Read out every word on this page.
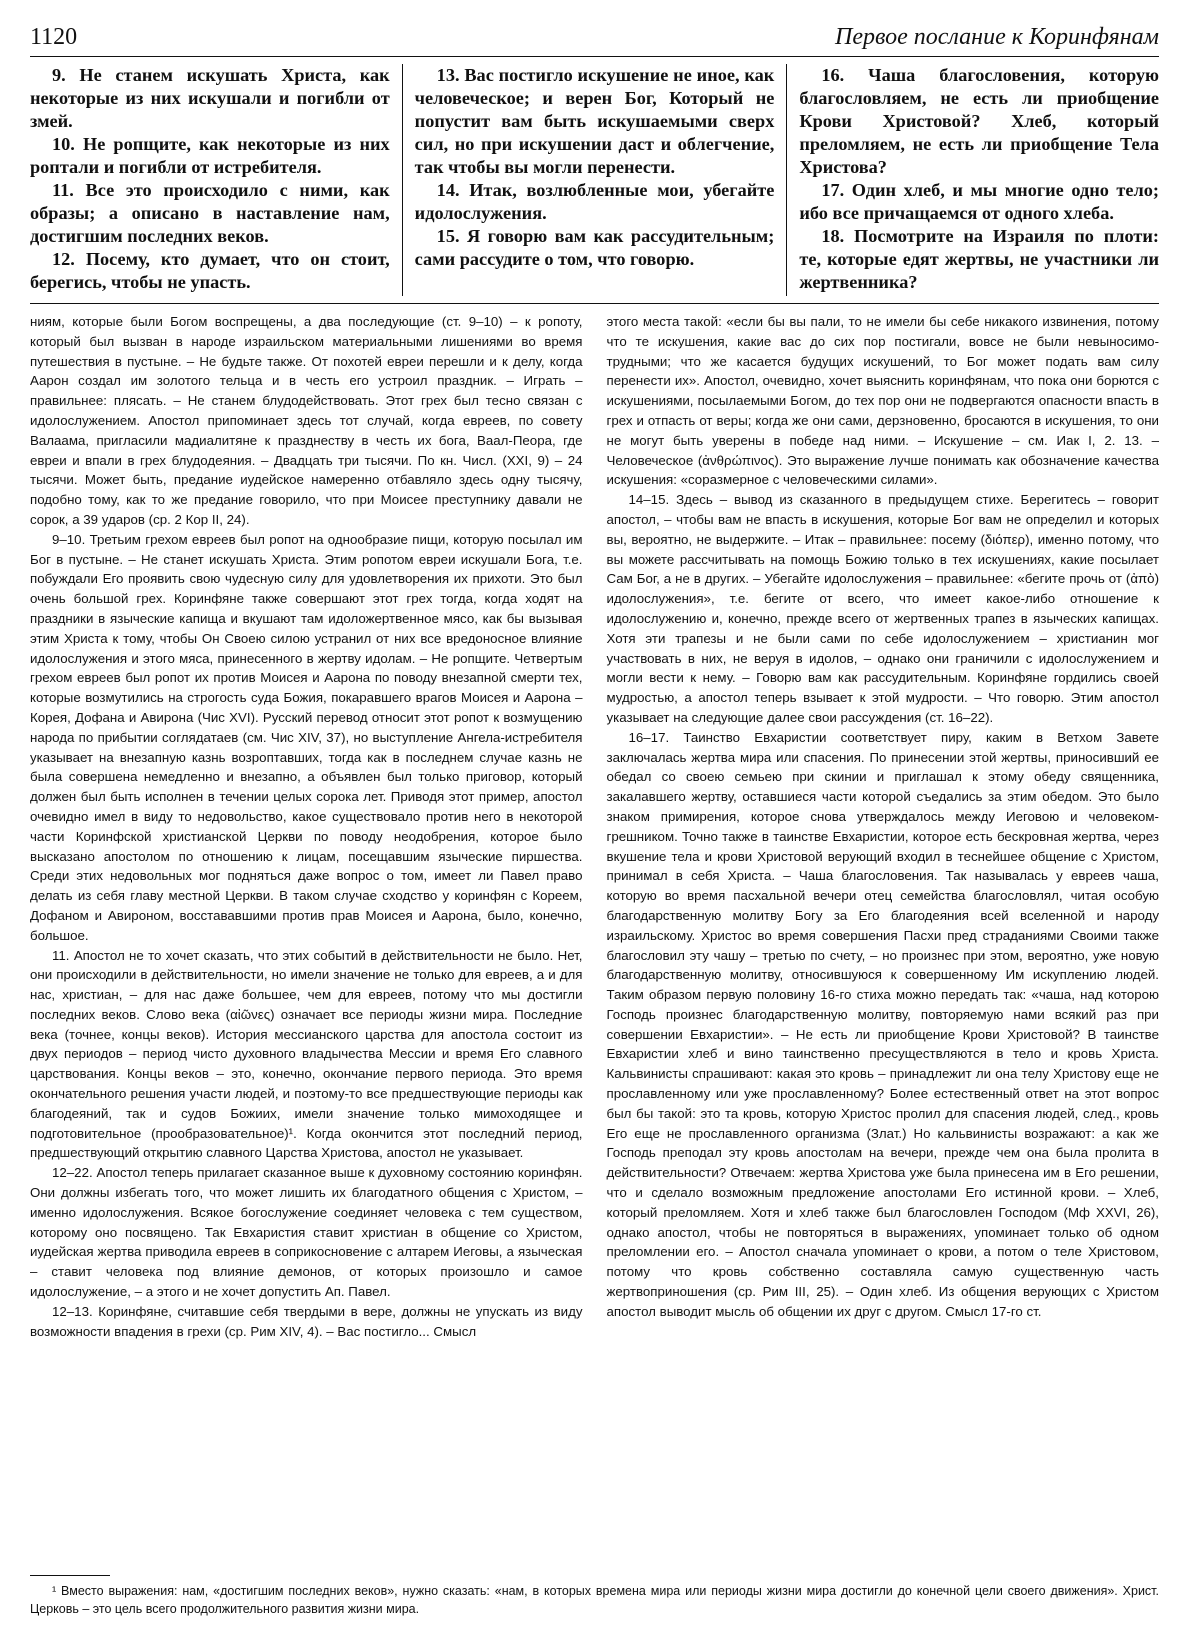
1120	Первое послание к Коринфянам

9. Не станем искушать Христа, как некоторые из них искушали и погибли от змей.

10. Не ропщите, как некоторые из них роптали и погибли от истребителя.

11. Все это происходило с ними, как образы; а описано в наставление нам, достигшим последних веков.

12. Посему, кто думает, что он стоит, берегись, чтобы не упасть.

13. Вас постигло искушение не иное, как человеческое; и верен Бог, Который не попустит вам быть искушаемыми сверх сил, но при искушении даст и облегчение, так чтобы вы могли перенести.

14. Итак, возлюбленные мои, убегайте идолослужения.

15. Я говорю вам как рассудительным; сами рассудите о том, что говорю.

16. Чаша благословения, которую благословляем, не есть ли приобщение Крови Христовой? Хлеб, который преломляем, не есть ли приобщение Тела Христова?

17. Один хлеб, и мы многие одно тело; ибо все причащаемся от одного хлеба.

18. Посмотрите на Израиля по плоти: те, которые едят жертвы, не участники ли жертвенника?

ниям, которые были Богом воспрещены, а два последующие (ст. 9–10) – к ропоту, который был вызван в народе израильском материальными лишениями во время путешествия в пустыне. – Не будьте также. От похотей евреи перешли и к делу, когда Аарон создал им золотого тельца и в честь его устроил праздник. – Играть – правильнее: плясать. – Не станем блудодействовать. Этот грех был тесно связан с идолослужением. Апостол припоминает здесь тот случай, когда евреев, по совету Валаама, пригласили мадиалитяне к празднеству в честь их бога, Ваал-Пеора, где евреи и впали в грех блудодеяния. – Двадцать три тысячи. По кн. Числ. (XXI, 9) – 24 тысячи. Может быть, предание иудейское намеренно отбавляло здесь одну тысячу, подобно тому, как то же предание говорило, что при Моисее преступнику давали не сорок, а 39 ударов (ср. 2 Кор II, 24).

9–10. Третьим грехом евреев был ропот на однообразие пищи, которую посылал им Бог в пустыне. – Не станет искушать Христа. Этим ропотом евреи искушали Бога, т.е. побуждали Его проявить свою чудесную силу для удовлетворения их прихоти. Это был очень большой грех. Коринфяне также совершают этот грех тогда, когда ходят на праздники в языческие капища и вкушают там идоложертвенное мясо, как бы вызывая этим Христа к тому, чтобы Он Своею силою устранил от них все вредоносное влияние идолослужения и этого мяса, принесенного в жертву идолам. – Не ропщите. Четвертым грехом евреев был ропот их против Моисея и Аарона по поводу внезапной смерти тех, которые возмутились на строгость суда Божия, покаравшего врагов Моисея и Аарона – Корея, Дофана и Авирона (Чис XVI). Русский перевод относит этот ропот к возмущению народа по прибытии соглядатаев (см. Чис XIV, 37), но выступление Ангела-истребителя указывает на внезапную казнь возроптавших, тогда как в последнем случае казнь не была совершена немедленно и внезапно, а объявлен был только приговор, который должен был быть исполнен в течении целых сорока лет. Приводя этот пример, апостол очевидно имел в виду то недовольство, какое существовало против него в некоторой части Коринфской христианской Церкви по поводу неодобрения, которое было высказано апостолом по отношению к лицам, посещавшим языческие пиршества. Среди этих недовольных мог подняться даже вопрос о том, имеет ли Павел право делать из себя главу местной Церкви. В таком случае сходство у коринфян с Кореем, Дофаном и Авироном, восстававшими против прав Моисея и Аарона, было, конечно, большое.

11. Апостол не то хочет сказать, что этих событий в действительности не было. Нет, они происходили в действительности, но имели значение не только для евреев, а и для нас, христиан, – для нас даже большее, чем для евреев, потому что мы достигли последних веков. Слово века (αἰῶνες) означает все периоды жизни мира. Последние века (точнее, концы веков). История мессианского царства для апостола состоит из двух периодов – период чисто духовного владычества Мессии и время Его славного царствования. Концы веков – это, конечно, окончание первого периода. Это время окончательного решения участи людей, и поэтому-то все предшествующие периоды как благодеяний, так и судов Божиих, имели значение только мимоходящее и подготовительное (прообразовательное)¹. Когда окончится этот последний период, предшествующий открытию славного Царства Христова, апостол не указывает.

12–22. Апостол теперь прилагает сказанное выше к духовному состоянию коринфян. Они должны избегать того, что может лишить их благодатного общения с Христом, – именно идолослужения. Всякое богослужение соединяет человека с тем существом, которому оно посвящено. Так Евхаристия ставит христиан в общение со Христом, иудейская жертва приводила евреев в соприкосновение с алтарем Иеговы, а языческая – ставит человека под влияние демонов, от которых произошло и самое идолослужение, – а этого и не хочет допустить Ап. Павел.

12–13. Коринфяне, считавшие себя твердыми в вере, должны не упускать из виду возможности впадения в грехи (ср. Рим XIV, 4). – Вас постигло... Смысл

этого места такой: «если бы вы пали, то не имели бы себе никакого извинения, потому что те искушения, какие вас до сих пор постигали, вовсе не были невыносимо-трудными; что же касается будущих искушений, то Бог может подать вам силу перенести их». Апостол, очевидно, хочет выяснить коринфянам, что пока они борются с искушениями, посылаемыми Богом, до тех пор они не подвергаются опасности впасть в грех и отпасть от веры; когда же они сами, дерзновенно, бросаются в искушения, то они не могут быть уверены в победе над ними. – Искушение – см. Иак I, 2. 13. – Человеческое (ἀνθρώπινος). Это выражение лучше понимать как обозначение качества искушения: «соразмерное с человеческими силами».

14–15. Здесь – вывод из сказанного в предыдущем стихе. Берегитесь – говорит апостол, – чтобы вам не впасть в искушения, которые Бог вам не определил и которых вы, вероятно, не выдержите. – Итак – правильнее: посему (διόπερ), именно потому, что вы можете рассчитывать на помощь Божию только в тех искушениях, какие посылает Сам Бог, а не в других. – Убегайте идолослужения – правильнее: «бегите прочь от (ἀπὸ) идолослужения», т.е. бегите от всего, что имеет какое-либо отношение к идолослужению и, конечно, прежде всего от жертвенных трапез в языческих капищах. Хотя эти трапезы и не были сами по себе идолослужением – христианин мог участвовать в них, не веруя в идолов, – однако они граничили с идолослужением и могли вести к нему. – Говорю вам как рассудительным. Коринфяне гордились своей мудростью, а апостол теперь взывает к этой мудрости. – Что говорю. Этим апостол указывает на следующие далее свои рассуждения (ст. 16–22).

16–17. Таинство Евхаристии соответствует пиру, каким в Ветхом Завете заключалась жертва мира или спасения. По принесении этой жертвы, приносивший ее обедал со своею семьею при скинии и приглашал к этому обеду священника, закалавшего жертву, оставшиеся части которой съедались за этим обедом. Это было знаком примирения, которое снова утверждалось между Иеговою и человеком-грешником. Точно также в таинстве Евхаристии, которое есть бескровная жертва, через вкушение тела и крови Христовой верующий входил в теснейшее общение с Христом, принимал в себя Христа. – Чаша благословения. Так называлась у евреев чаша, которую во время пасхальной вечери отец семейства благословлял, читая особую благодарственную молитву Богу за Его благодеяния всей вселенной и народу израильскому. Христос во время совершения Пасхи пред страданиями Своими также благословил эту чашу – третью по счету, – но произнес при этом, вероятно, уже новую благодарственную молитву, относившуюся к совершенному Им искуплению людей. Таким образом первую половину 16-го стиха можно передать так: «чаша, над которою Господь произнес благодарственную молитву, повторяемую нами всякий раз при совершении Евхаристии». – Не есть ли приобщение Крови Христовой? В таинстве Евхаристии хлеб и вино таинственно пресуществляются в тело и кровь Христа. Кальвинисты спрашивают: какая это кровь – принадлежит ли она телу Христову еще не прославленному или уже прославленному? Более естественный ответ на этот вопрос был бы такой: это та кровь, которую Христос пролил для спасения людей, след., кровь Его еще не прославленного организма (Злат.) Но кальвинисты возражают: а как же Господь преподал эту кровь апостолам на вечери, прежде чем она была пролита в действительности? Отвечаем: жертва Христова уже была принесена им в Его решении, что и сделало возможным предложение апостолами Его истинной крови. – Хлеб, который преломляем. Хотя и хлеб также был благословлен Господом (Мф XXVI, 26), однако апостол, чтобы не повторяться в выражениях, упоминает только об одном преломлении его. – Апостол сначала упоминает о крови, а потом о теле Христовом, потому что кровь собственно составляла самую существенную часть жертвоприношения (ср. Рим III, 25). – Один хлеб. Из общения верующих с Христом апостол выводит мысль об общении их друг с другом. Смысл 17-го ст.

¹ Вместо выражения: нам, «достигшим последних веков», нужно сказать: «нам, в которых времена мира или периоды жизни мира достигли до конечной цели своего движения». Христ. Церковь – это цель всего продолжительного развития жизни мира.
